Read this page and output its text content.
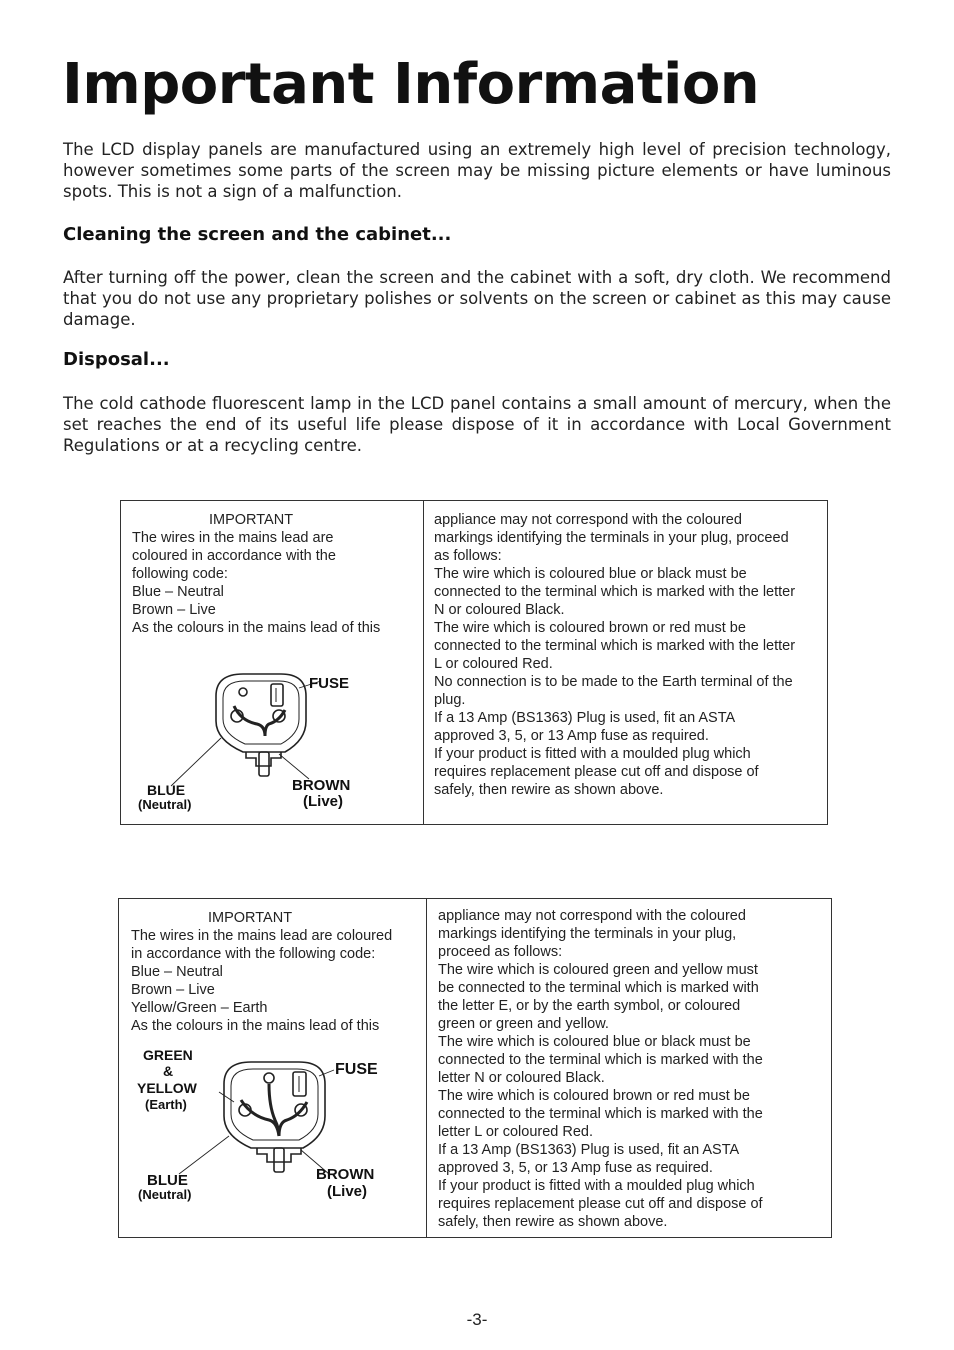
Important Information

The LCD display panels are manufactured using an extremely high level of precision technology, however sometimes some parts of the screen may be missing picture elements or have luminous spots. This is not a sign of a malfunction.

Cleaning the screen and the cabinet...

After turning off the power, clean the screen and the cabinet with a soft, dry cloth. We recommend that you do not use any proprietary polishes or solvents on the screen or cabinet as this may cause damage.

Disposal...

The cold cathode fluorescent lamp in the LCD panel contains a small amount of mercury, when the set reaches the end of its useful life please dispose of it in accordance with Local Government Regulations or at a recycling centre.

IMPORTANT
The wires in the mains lead are
coloured in accordance with the
following code:
Blue – Neutral
Brown – Live
As the colours in the mains lead of this
appliance may not correspond with the coloured
markings identifying the terminals in your plug, proceed
as follows:
The wire which is coloured blue or black must be
connected to the terminal which is marked with the letter
N or coloured Black.
The wire which is coloured brown or red must be
connected to the terminal which is marked with the letter
L or coloured Red.
No connection is to be made to the Earth terminal of the
plug.
If a 13 Amp (BS1363) Plug is used, fit an ASTA
approved 3, 5, or 13 Amp fuse as required.
If your product is fitted with a moulded plug which
requires replacement please cut off and dispose of
safely, then rewire as shown above.
FUSE
BLUE
(Neutral)
BROWN
(Live)
IMPORTANT
The wires in the mains lead are coloured
in accordance with the following code:
Blue – Neutral
Brown – Live
Yellow/Green – Earth
As the colours in the mains lead of this
appliance may not correspond with the coloured
markings identifying the terminals in your plug,
proceed as follows:
The wire which is coloured green and yellow must
be connected to the terminal which is marked with
the letter E, or by the earth symbol, or coloured
green or green and yellow.
The wire which is coloured blue or black must be
connected to the terminal which is marked with the
letter N or coloured Black.
The wire which is coloured brown or red must be
connected to the terminal which is marked with the
letter L or coloured Red.
If a 13 Amp (BS1363) Plug is used, fit an ASTA
approved 3, 5, or 13 Amp fuse as required.
If your product is fitted with a moulded plug which
requires replacement please cut off and dispose of
safely, then rewire as shown above.
GREEN
&
YELLOW
(Earth)
FUSE
BLUE
(Neutral)
BROWN
(Live)
-3-
